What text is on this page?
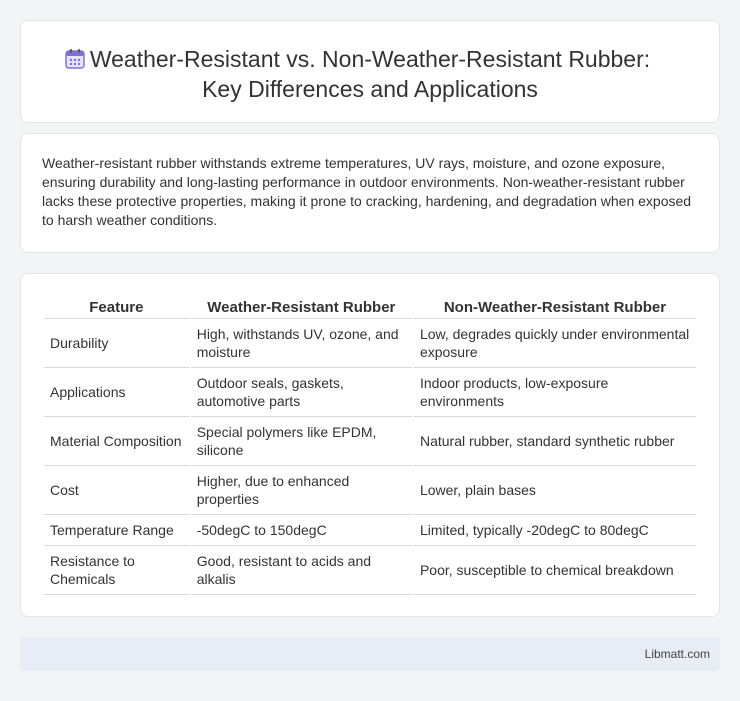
Weather-Resistant vs. Non-Weather-Resistant Rubber:
Key Differences and Applications

Weather-resistant rubber withstands extreme temperatures, UV rays, moisture, and ozone exposure, ensuring durability and long-lasting performance in outdoor environments. Non-weather-resistant rubber lacks these protective properties, making it prone to cracking, hardening, and degradation when exposed to harsh weather conditions.

Feature	Weather-Resistant Rubber	Non-Weather-Resistant Rubber
Durability	High, withstands UV, ozone, and moisture	Low, degrades quickly under environmental exposure
Applications	Outdoor seals, gaskets, automotive parts	Indoor products, low-exposure environments
Material Composition	Special polymers like EPDM, silicone	Natural rubber, standard synthetic rubber
Cost	Higher, due to enhanced properties	Lower, plain bases
Temperature Range	-50degC to 150degC	Limited, typically -20degC to 80degC
Resistance to Chemicals	Good, resistant to acids and alkalis	Poor, susceptible to chemical breakdown
Libmatt.com
